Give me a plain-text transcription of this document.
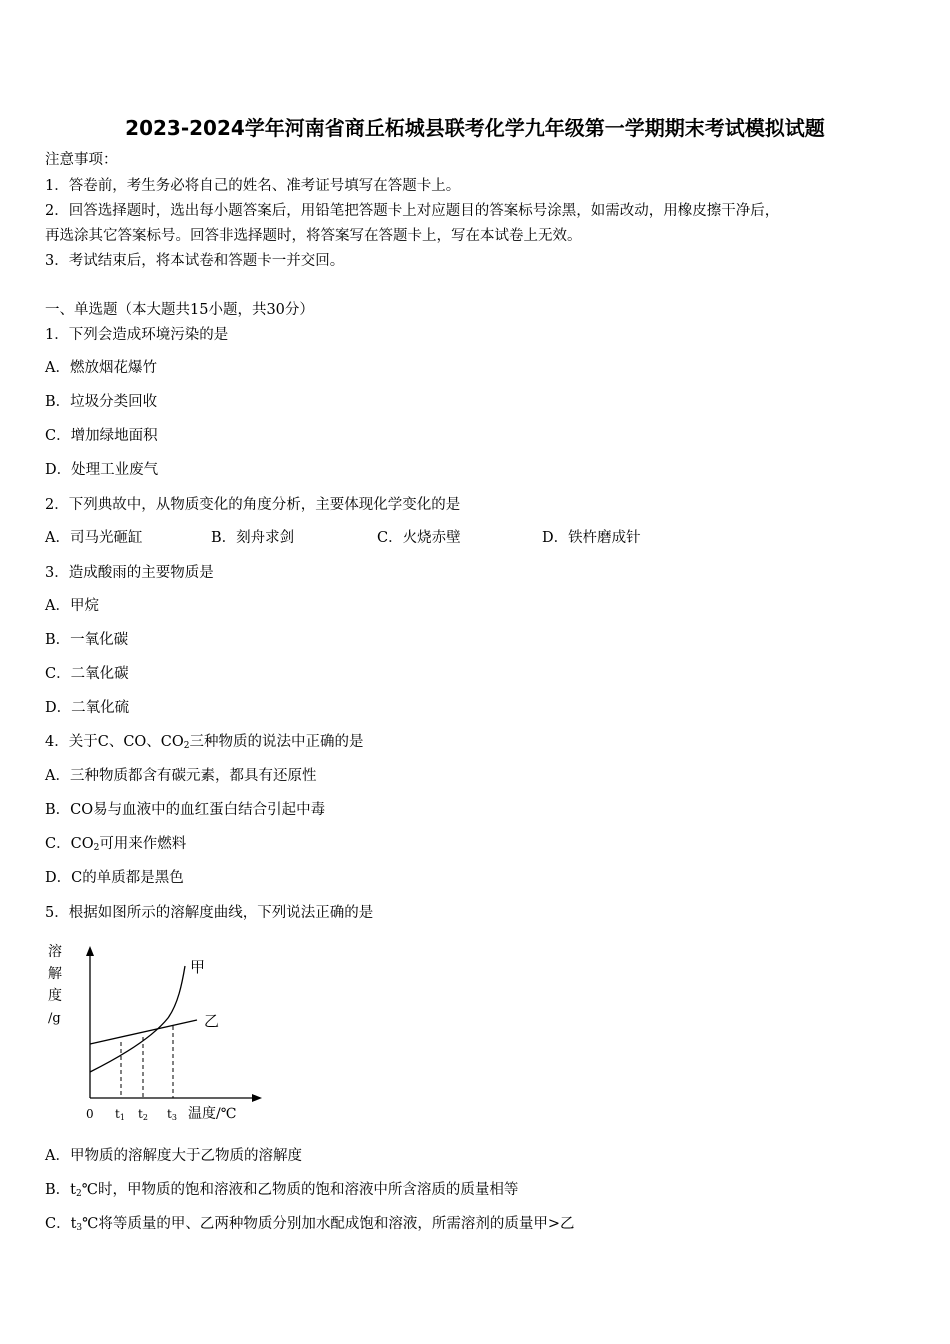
2023-2024学年河南省商丘柘城县联考化学九年级第一学期期末考试模拟试题
注意事项：
1．答卷前，考生务必将自己的姓名、准考证号填写在答题卡上。
2．回答选择题时，选出每小题答案后，用铅笔把答题卡上对应题目的答案标号涂黑，如需改动，用橡皮擦干净后，
再选涂其它答案标号。回答非选择题时，将答案写在答题卡上，写在本试卷上无效。
3．考试结束后，将本试卷和答题卡一并交回。
一、单选题（本大题共15小题，共30分）
1．下列会造成环境污染的是
A．燃放烟花爆竹
B．垃圾分类回收
C．增加绿地面积
D．处理工业废气
2．下列典故中，从物质变化的角度分析，主要体现化学变化的是
A．司马光砸缸	B．刻舟求剑	C．火烧赤壁	D．铁杵磨成针
3．造成酸雨的主要物质是
A．甲烷
B．一氧化碳
C．二氧化碳
D．二氧化硫
4．关于C、CO、$CO_2$三种物质的说法中正确的是
A．三种物质都含有碳元素，都具有还原性
B．CO易与血液中的血红蛋白结合引起中毒
C．$CO_2$可用来作燃料
D．C的单质都是黑色
5．根据如图所示的溶解度曲线，下列说法正确的是
溶
解
度
/g
甲
乙
0 t1 t2 t3 温度/℃
A．甲物质的溶解度大于乙物质的溶解度
B．$t_2℃$时，甲物质的饱和溶液和乙物质的饱和溶液中所含溶质的质量相等
C．$t_3℃$将等质量的甲、乙两种物质分别加水配成饱和溶液，所需溶剂的质量甲>乙
